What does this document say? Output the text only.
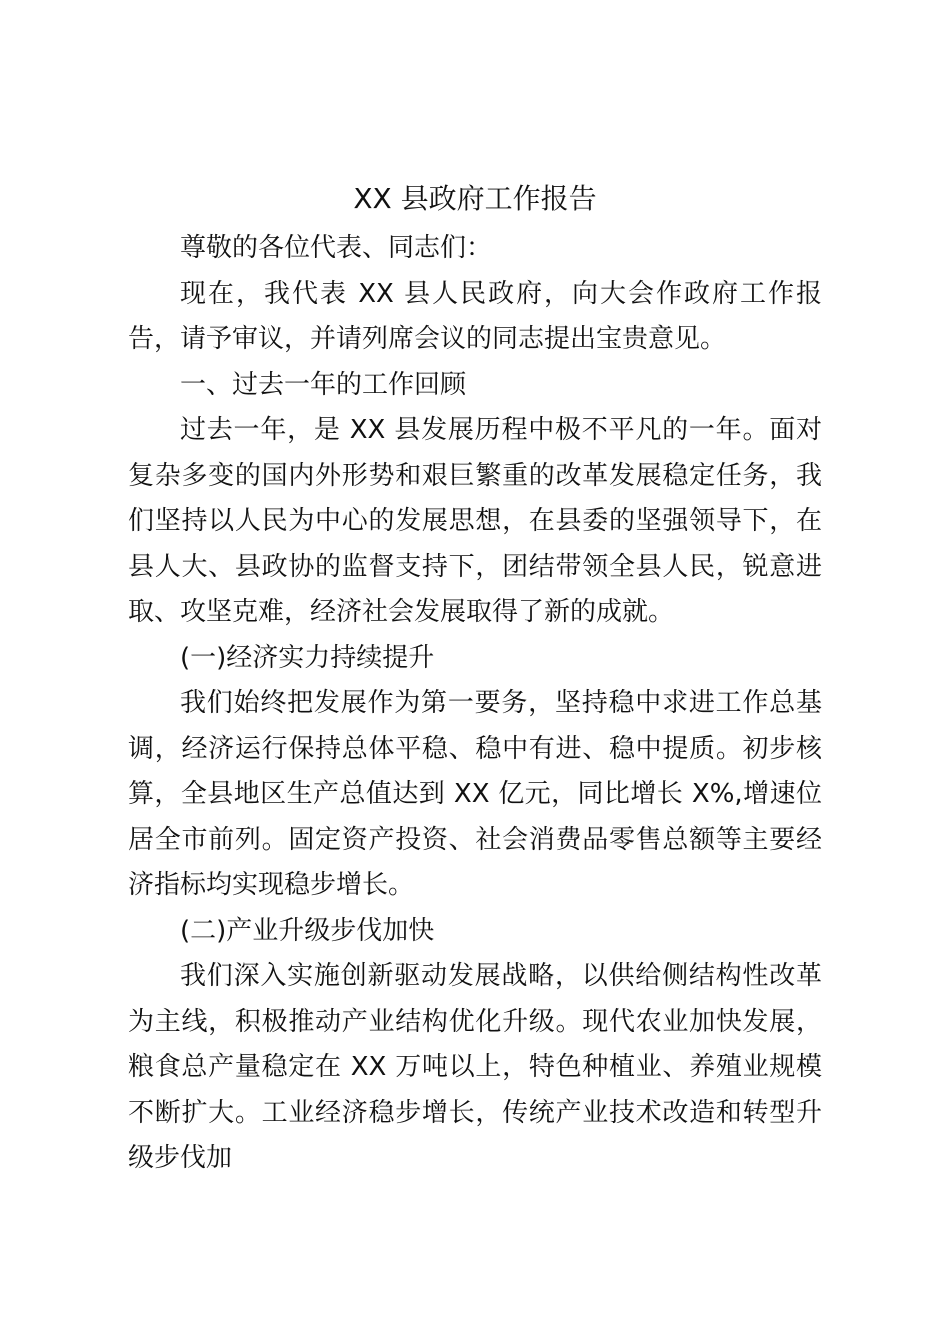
XX 县政府工作报告

尊敬的各位代表、同志们：

现在，我代表 XX 县人民政府，向大会作政府工作报告，请予审议，并请列席会议的同志提出宝贵意见。

一、过去一年的工作回顾

过去一年，是 XX 县发展历程中极不平凡的一年。面对复杂多变的国内外形势和艰巨繁重的改革发展稳定任务，我们坚持以人民为中心的发展思想，在县委的坚强领导下，在县人大、县政协的监督支持下，团结带领全县人民，锐意进取、攻坚克难，经济社会发展取得了新的成就。

(一)经济实力持续提升

我们始终把发展作为第一要务，坚持稳中求进工作总基调，经济运行保持总体平稳、稳中有进、稳中提质。初步核算，全县地区生产总值达到 XX 亿元，同比增长 X%,增速位居全市前列。固定资产投资、社会消费品零售总额等主要经济指标均实现稳步增长。

(二)产业升级步伐加快

我们深入实施创新驱动发展战略，以供给侧结构性改革为主线，积极推动产业结构优化升级。现代农业加快发展，粮食总产量稳定在 XX 万吨以上，特色种植业、养殖业规模不断扩大。工业经济稳步增长，传统产业技术改造和转型升级步伐加
